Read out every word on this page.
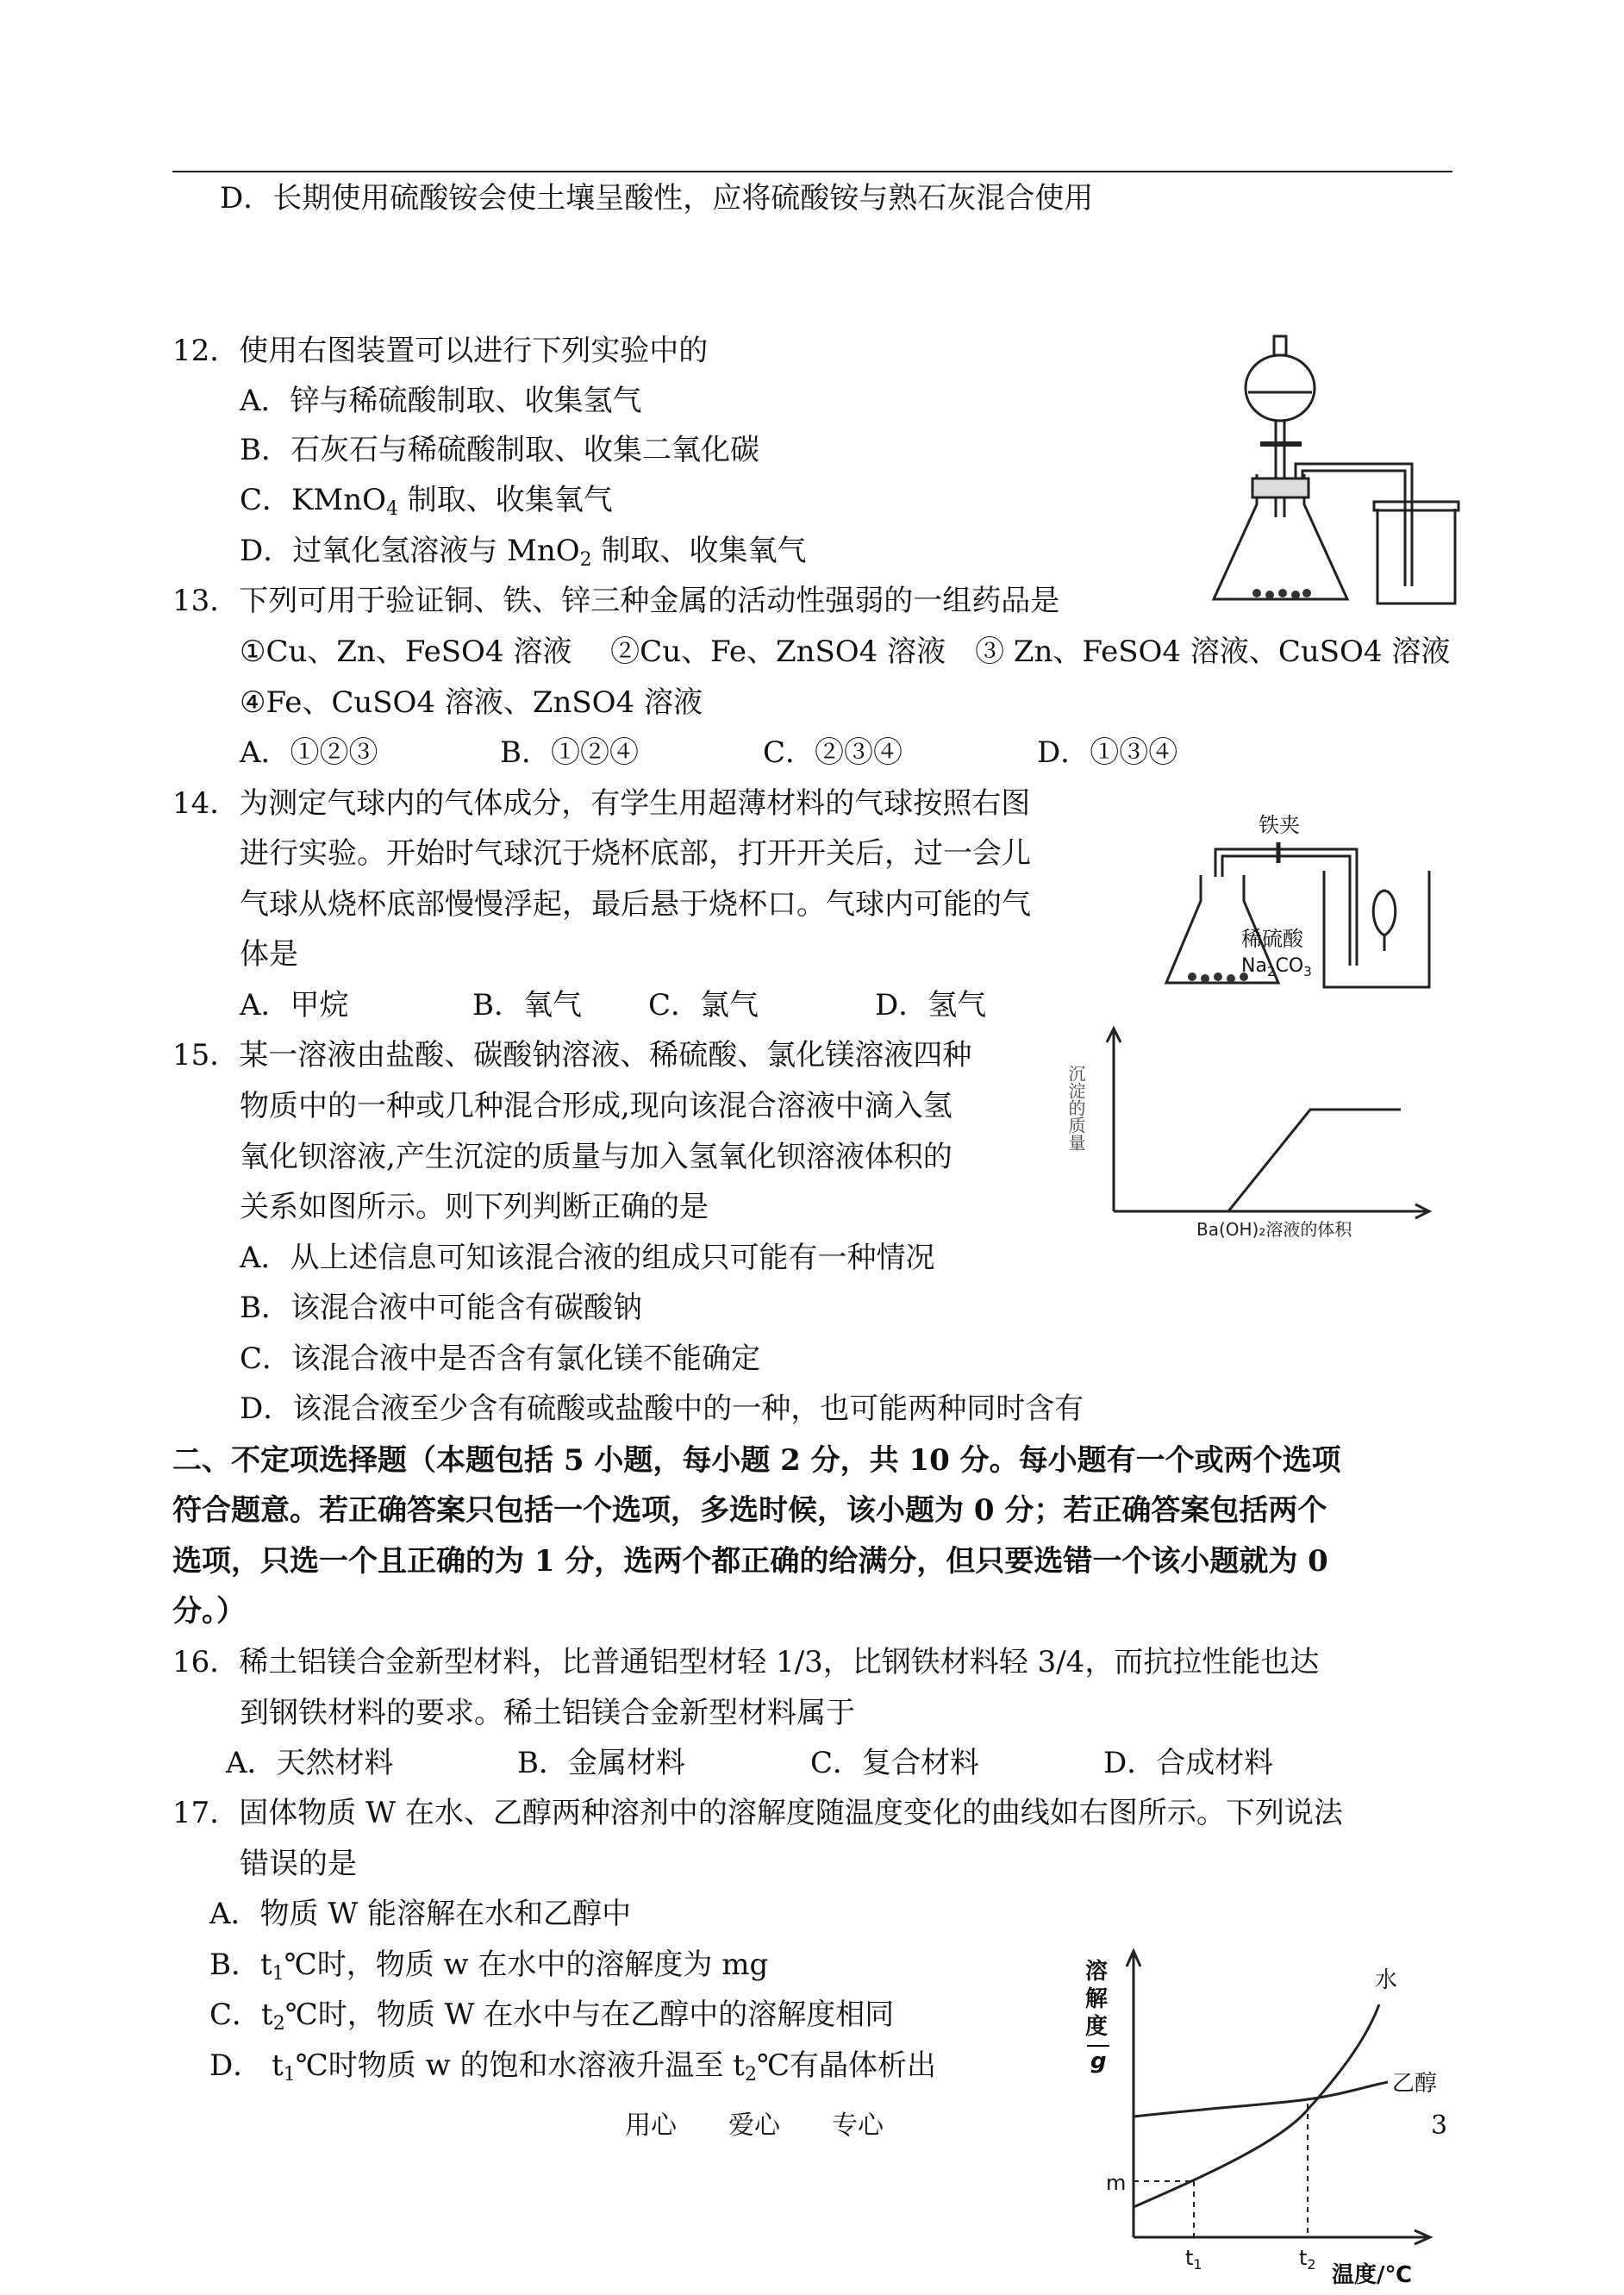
D．长期使用硫酸铵会使土壤呈酸性，应将硫酸铵与熟石灰混合使用
12．使用右图装置可以进行下列实验中的
A．锌与稀硫酸制取、收集氢气
B．石灰石与稀硫酸制取、收集二氧化碳
C．KMnO$_4$ 制取、收集氧气
D．过氧化氢溶液与 MnO$_2$ 制取、收集氧气
13．下列可用于验证铜、铁、锌三种金属的活动性强弱的一组药品是
①Cu、Zn、FeSO4 溶液　 ②Cu、Fe、ZnSO4 溶液　③ Zn、FeSO4 溶液、CuSO4 溶液
④Fe、CuSO4 溶液、ZnSO4 溶液
A．①②③	B．①②④	C．②③④	D．①③④
14．为测定气球内的气体成分，有学生用超薄材料的气球按照右图
进行实验。开始时气球沉于烧杯底部，打开开关后，过一会儿
气球从烧杯底部慢慢浮起，最后悬于烧杯口。气球内可能的气
体是
A．甲烷	B．氧气 C．氯气	D．氢气
铁夹
稀硫酸
$Na_2CO_3$
15．某一溶液由盐酸、碳酸钠溶液、稀硫酸、氯化镁溶液四种
物质中的一种或几种混合形成,现向该混合溶液中滴入氢
氧化钡溶液,产生沉淀的质量与加入氢氧化钡溶液体积的
关系如图所示。则下列判断正确的是
A．从上述信息可知该混合液的组成只可能有一种情况
B．该混合液中可能含有碳酸钠
C．该混合液中是否含有氯化镁不能确定
D．该混合液至少含有硫酸或盐酸中的一种，也可能两种同时含有
沉淀的质量
Ba(OH)₂溶液的体积
二、不定项选择题（本题包括 5 小题，每小题 2 分，共 10 分。每小题有一个或两个选项
符合题意。若正确答案只包括一个选项，多选时候，该小题为 0 分；若正确答案包括两个
选项，只选一个且正确的为 1 分，选两个都正确的给满分，但只要选错一个该小题就为 0
分。）
16．稀土铝镁合金新型材料，比普通铝型材轻 1/3，比钢铁材料轻 3/4，而抗拉性能也达
到钢铁材料的要求。稀土铝镁合金新型材料属于
A．天然材料	B．金属材料	C．复合材料	D．合成材料
17．固体物质 W 在水、乙醇两种溶剂中的溶解度随温度变化的曲线如右图所示。下列说法
错误的是
A．物质 W 能溶解在水和乙醇中
B．$t_1℃$时，物质 w 在水中的溶解度为 mg
C．$t_2℃$时，物质 W 在水中与在乙醇中的溶解度相同
D． $t_1℃$时物质 w 的饱和水溶液升温至 $t_2℃$有晶体析出
溶
解
度
g
水
乙醇
m
$t_1$	$t_2$ 温度/℃
用心　　爱心　　专心	3
